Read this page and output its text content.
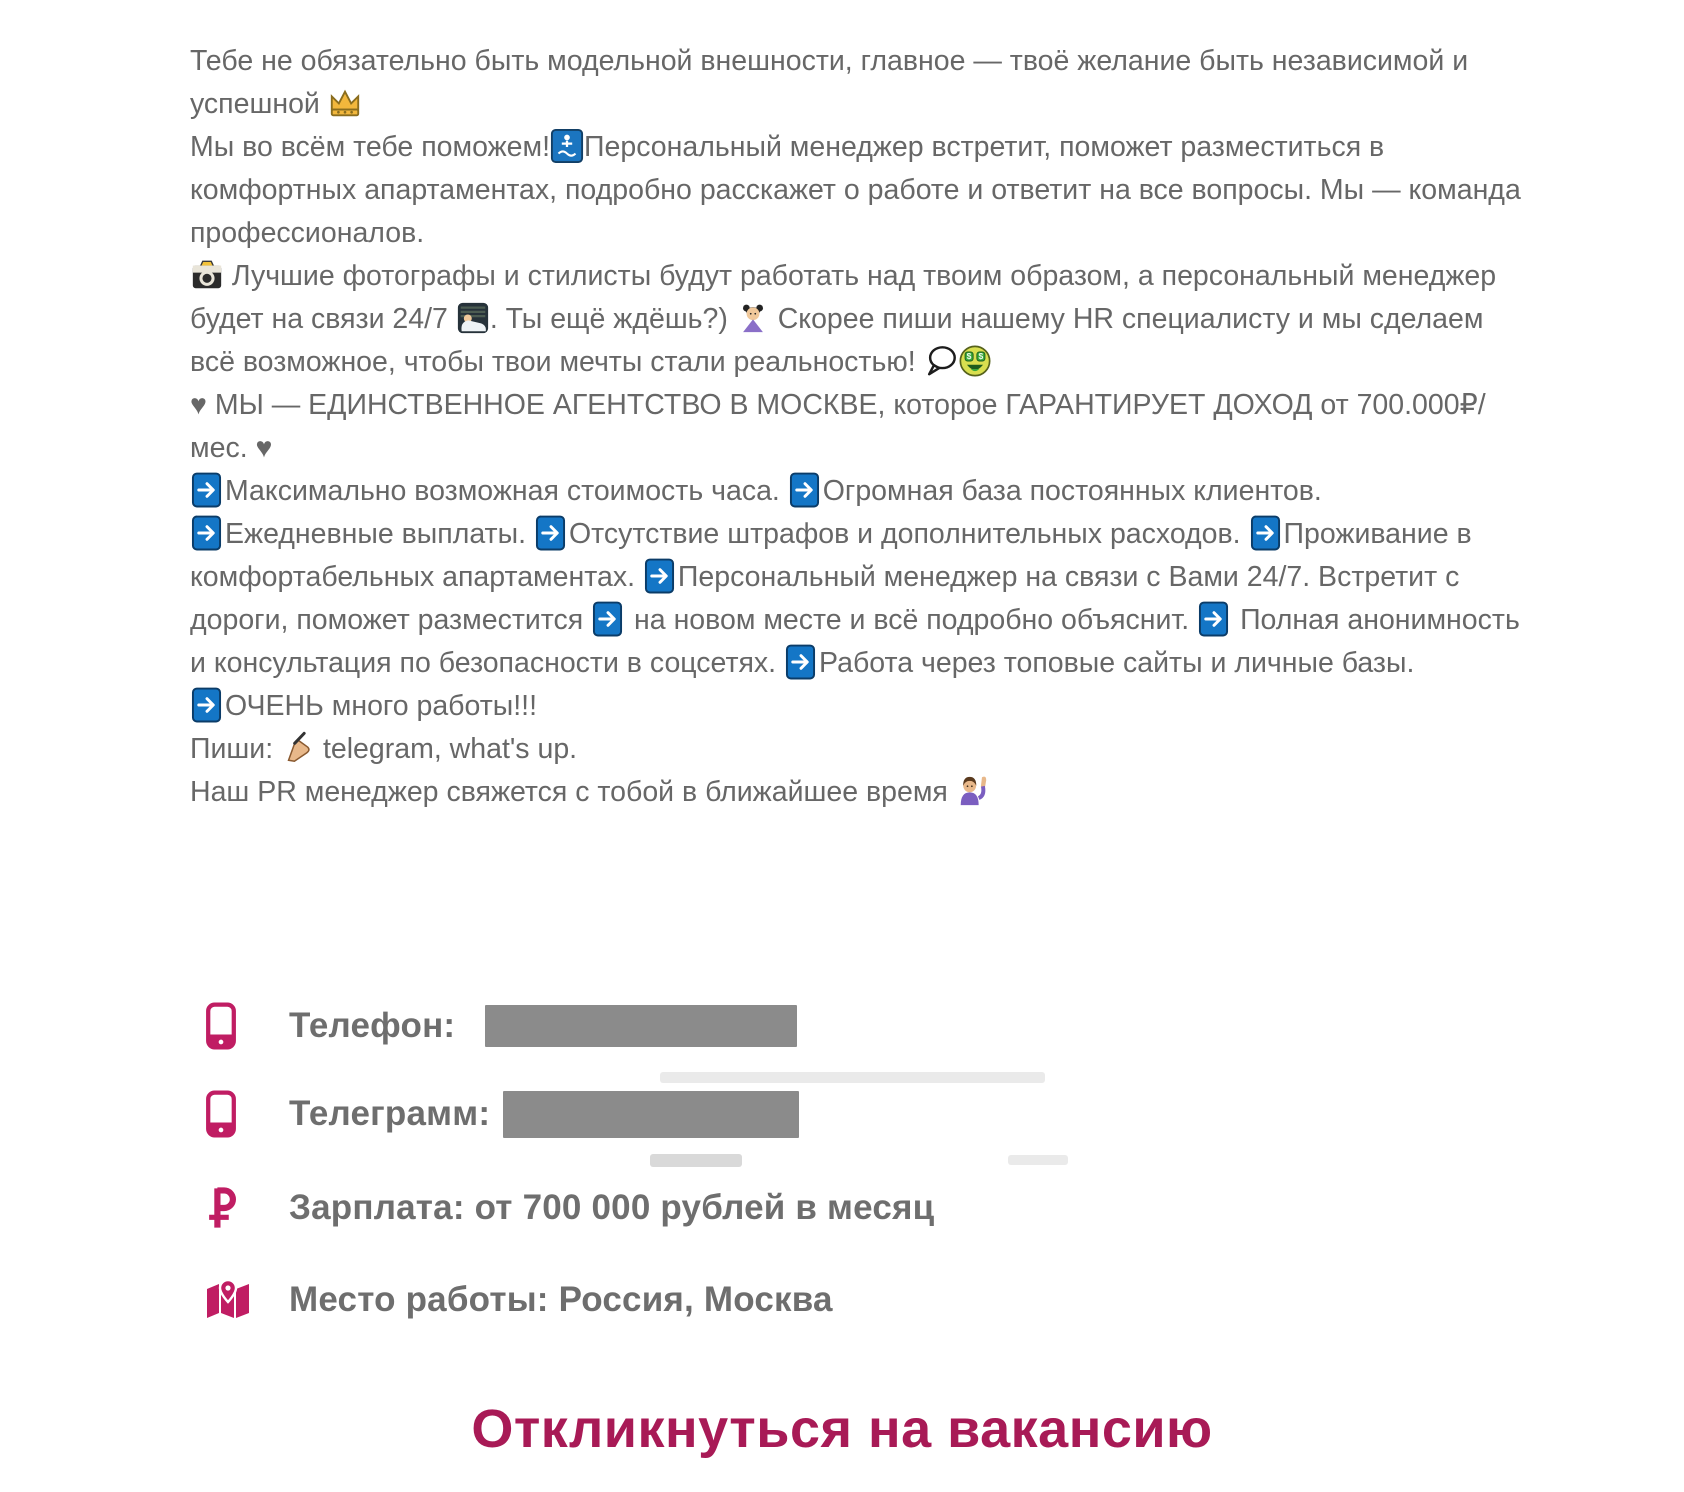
Тебе не обязательно быть модельной внешности, главное — твоё желание быть независимой и успешной

Мы во всём тебе поможем! Персональный менеджер встретит, поможет разместиться в комфортных апартаментах, подробно расскажет о работе и ответит на все вопросы. Мы — команда профессионалов.

Лучшие фотографы и стилисты будут работать над твоим образом, а персональный менеджер будет на связи 24/7
. Ты ещё ждёшь?)
Скорее пиши нашему HR специалисту и мы сделаем всё возможное, чтобы твои мечты стали реальностью!	$ $

♥ МЫ — ЕДИНСТВЕННОЕ АГЕНТСТВО В МОСКВЕ, которое ГАРАНТИРУЕТ ДОХОД от 700.000₽/мес. ♥

Максимально возможная стоимость часа.
Огромная база постоянных клиентов.

Ежедневные выплаты.
Отсутствие штрафов и дополнительных расходов.
Проживание в комфортабельных апартаментах.
Персональный менеджер на связи с Вами 24/7. Встретит с дороги, поможет разместится
на новом месте и всё подробно объяснит.
Полная анонимность и консультация по безопасности в соцсетях.
Работа через топовые сайты и личные базы.

ОЧЕНЬ много работы!!!

Пиши:
telegram, what's up.

Наш PR менеджер свяжется с тобой в ближайшее время

Телефон:
Телеграмм:
Зарплата: от 700 000 рублей в месяц
Место работы: Россия, Москва
Откликнуться на вакансию
